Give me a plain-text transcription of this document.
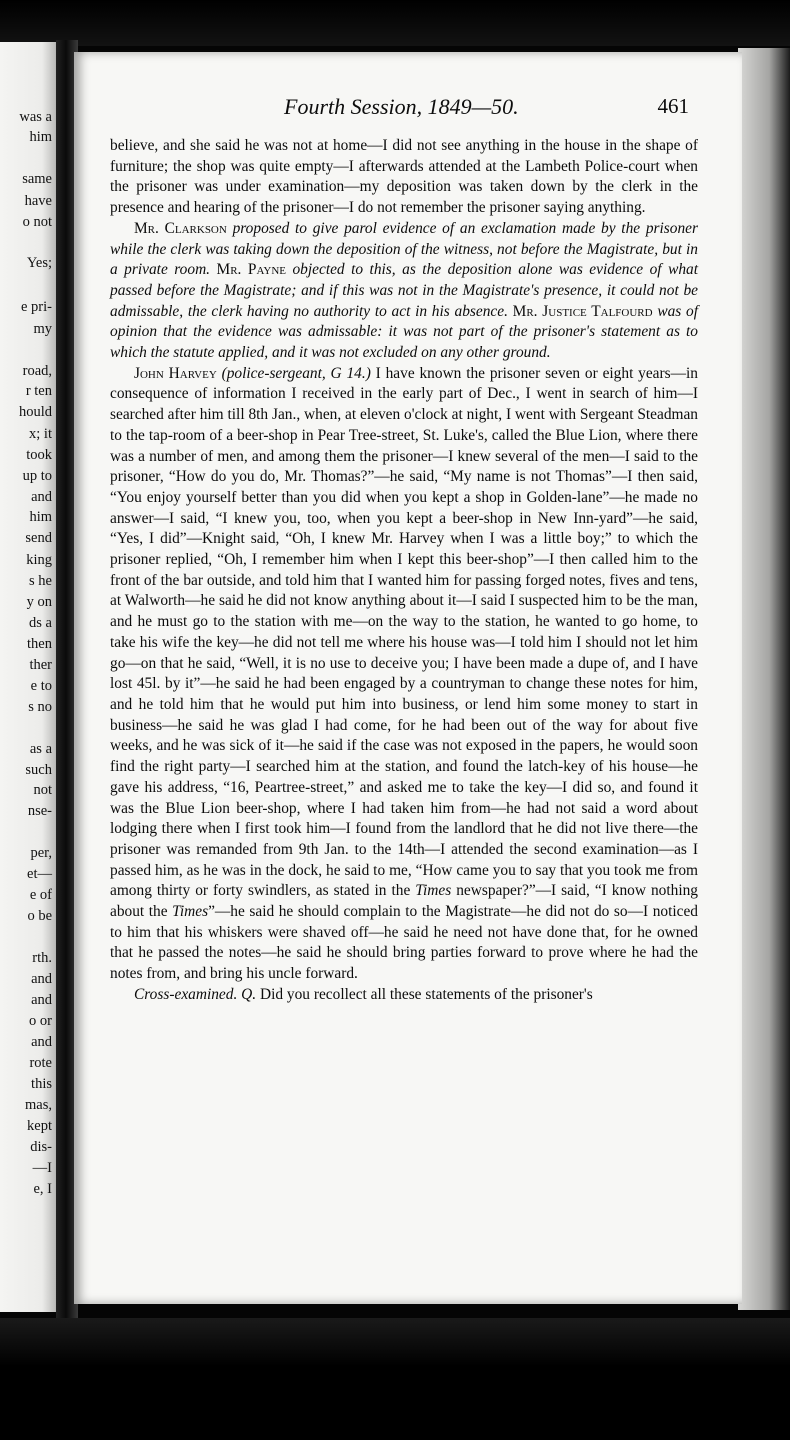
was a
him
same
have
o not
Yes;
e pri-
my
road,
r ten
hould
x; it
took
up to
and
him
send
king
s he
y on
ds a
then
ther
e to
s no
as a
such
not
nse-
per,
et—
e of
o be
rth.
and
and
o or
and
rote
this
mas,
kept
dis-
—I
e, I
Fourth Session, 1849—50.	461

believe, and she said he was not at home—I did not see anything in the house in the shape of furniture; the shop was quite empty—I afterwards attended at the Lambeth Police-court when the prisoner was under examination—my deposition was taken down by the clerk in the presence and hearing of the prisoner—I do not remember the prisoner saying anything.

Mr. Clarkson proposed to give parol evidence of an exclamation made by the prisoner while the clerk was taking down the deposition of the witness, not before the Magistrate, but in a private room. Mr. Payne objected to this, as the deposition alone was evidence of what passed before the Magistrate; and if this was not in the Magistrate's presence, it could not be admissable, the clerk having no authority to act in his absence. Mr. Justice Talfourd was of opinion that the evidence was admissable: it was not part of the prisoner's statement as to which the statute applied, and it was not excluded on any other ground.

John Harvey (police-sergeant, G 14.) I have known the prisoner seven or eight years—in consequence of information I received in the early part of Dec., I went in search of him—I searched after him till 8th Jan., when, at eleven o'clock at night, I went with Sergeant Steadman to the tap-room of a beer-shop in Pear Tree-street, St. Luke's, called the Blue Lion, where there was a number of men, and among them the prisoner—I knew several of the men—I said to the prisoner, “How do you do, Mr. Thomas?”—he said, “My name is not Thomas”—I then said, “You enjoy yourself better than you did when you kept a shop in Golden-lane”—he made no answer—I said, “I knew you, too, when you kept a beer-shop in New Inn-yard”—he said, “Yes, I did”—Knight said, “Oh, I knew Mr. Harvey when I was a little boy;” to which the prisoner replied, “Oh, I remember him when I kept this beer-shop”—I then called him to the front of the bar outside, and told him that I wanted him for passing forged notes, fives and tens, at Walworth—he said he did not know anything about it—I said I suspected him to be the man, and he must go to the station with me—on the way to the station, he wanted to go home, to take his wife the key—he did not tell me where his house was—I told him I should not let him go—on that he said, “Well, it is no use to deceive you; I have been made a dupe of, and I have lost 45l. by it”—he said he had been engaged by a countryman to change these notes for him, and he told him that he would put him into business, or lend him some money to start in business—he said he was glad I had come, for he had been out of the way for about five weeks, and he was sick of it—he said if the case was not exposed in the papers, he would soon find the right party—I searched him at the station, and found the latch-key of his house—he gave his address, “16, Peartree-street,” and asked me to take the key—I did so, and found it was the Blue Lion beer-shop, where I had taken him from—he had not said a word about lodging there when I first took him—I found from the landlord that he did not live there—the prisoner was remanded from 9th Jan. to the 14th—I attended the second examination—as I passed him, as he was in the dock, he said to me, “How came you to say that you took me from among thirty or forty swindlers, as stated in the Times newspaper?”—I said, “I know nothing about the Times”—he said he should complain to the Magistrate—he did not do so—I noticed to him that his whiskers were shaved off—he said he need not have done that, for he owned that he passed the notes—he said he should bring parties forward to prove where he had the notes from, and bring his uncle forward.

Cross-examined. Q. Did you recollect all these statements of the prisoner's
